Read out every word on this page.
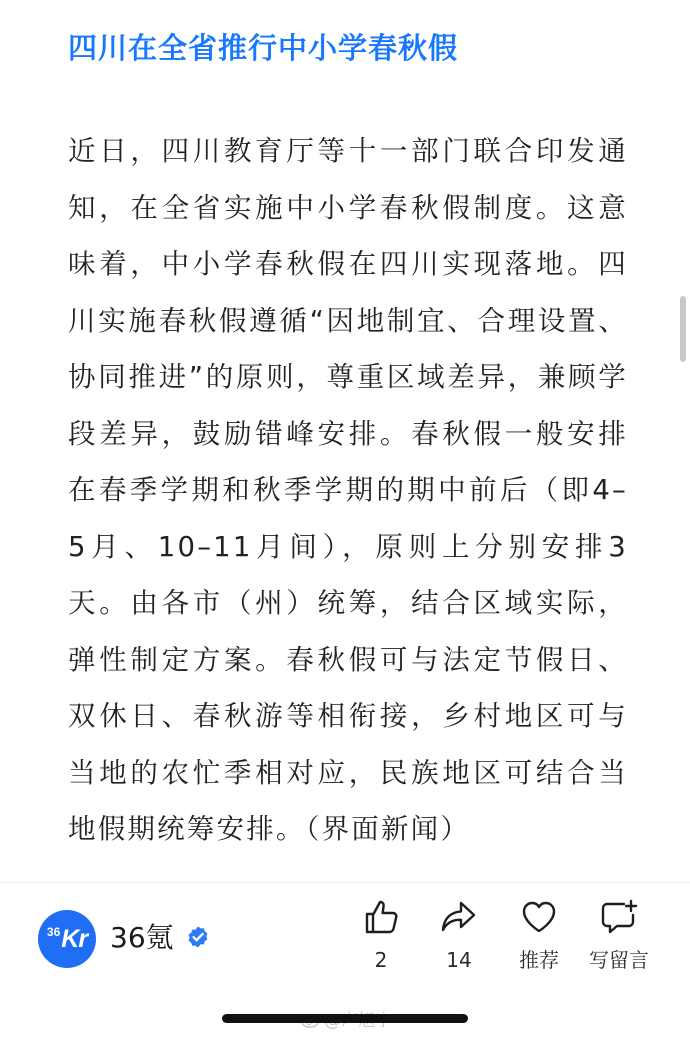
四川在全省推行中小学春秋假
近日，四川教育厅等十一部门联合印发通知，在全省实施中小学春秋假制度。这意味着，中小学春秋假在四川实现落地。四川实施春秋假遵循“因地制宜、合理设置、协同推进”的原则，尊重区域差异，兼顾学段差异，鼓励错峰安排。春秋假一般安排在春季学期和秋季学期的期中前后（即4–5月、10–11月间），原则上分别安排3天。由各市（州）统筹，结合区域实际，弹性制定方案。春秋假可与法定节假日、双休日、春秋游等相衔接，乡村地区可与当地的农忙季相对应，民族地区可结合当地假期统筹安排。（界面新闻）
36 Kr 36氪
2	14	推荐	写留言
